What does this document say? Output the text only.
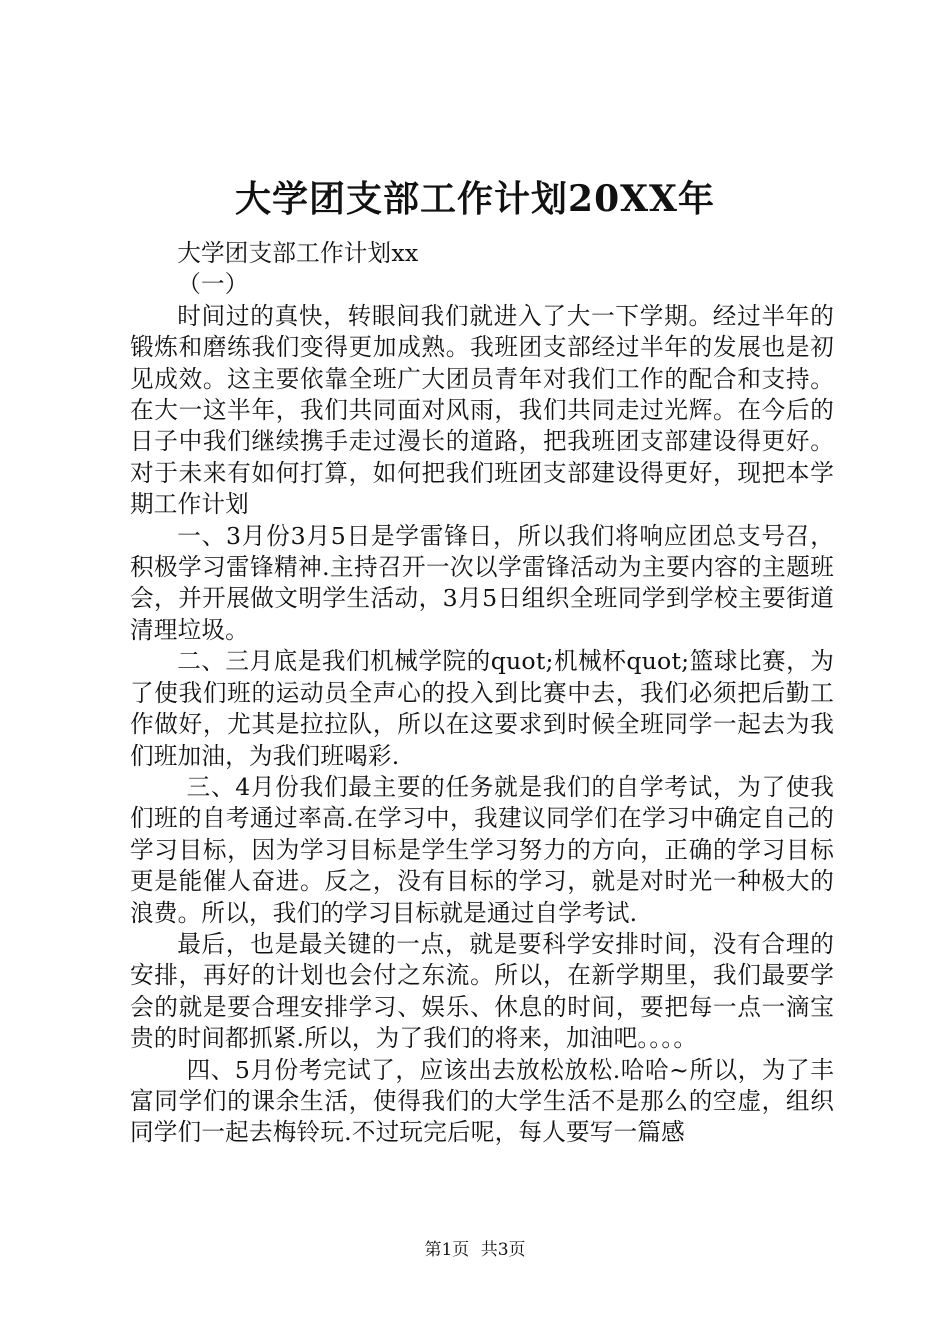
大学团支部工作计划20XX年

大学团支部工作计划xx

（一）

时间过的真快，转眼间我们就进入了大一下学期。经过半年的锻炼和磨练我们变得更加成熟。我班团支部经过半年的发展也是初见成效。这主要依靠全班广大团员青年对我们工作的配合和支持。在大一这半年，我们共同面对风雨，我们共同走过光辉。在今后的日子中我们继续携手走过漫长的道路，把我班团支部建设得更好。对于未来有如何打算，如何把我们班团支部建设得更好，现把本学期工作计划

一、3月份3月5日是学雷锋日，所以我们将响应团总支号召，积极学习雷锋精神.主持召开一次以学雷锋活动为主要内容的主题班会，并开展做文明学生活动，3月5日组织全班同学到学校主要街道清理垃圾。

二、三月底是我们机械学院的quot;机械杯quot;篮球比赛，为了使我们班的运动员全声心的投入到比赛中去，我们必须把后勤工作做好，尤其是拉拉队，所以在这要求到时候全班同学一起去为我们班加油，为我们班喝彩.

三、4月份我们最主要的任务就是我们的自学考试，为了使我们班的自考通过率高.在学习中，我建议同学们在学习中确定自己的学习目标，因为学习目标是学生学习努力的方向，正确的学习目标更是能催人奋进。反之，没有目标的学习，就是对时光一种极大的浪费。所以，我们的学习目标就是通过自学考试.

最后，也是最关键的一点，就是要科学安排时间，没有合理的安排，再好的计划也会付之东流。所以，在新学期里，我们最要学会的就是要合理安排学习、娱乐、休息的时间，要把每一点一滴宝贵的时间都抓紧.所以，为了我们的将来，加油吧。。。。

四、5月份考完试了，应该出去放松放松.哈哈~所以，为了丰富同学们的课余生活，使得我们的大学生活不是那么的空虚，组织同学们一起去梅铃玩.不过玩完后呢，每人要写一篇感

第1页 共3页
